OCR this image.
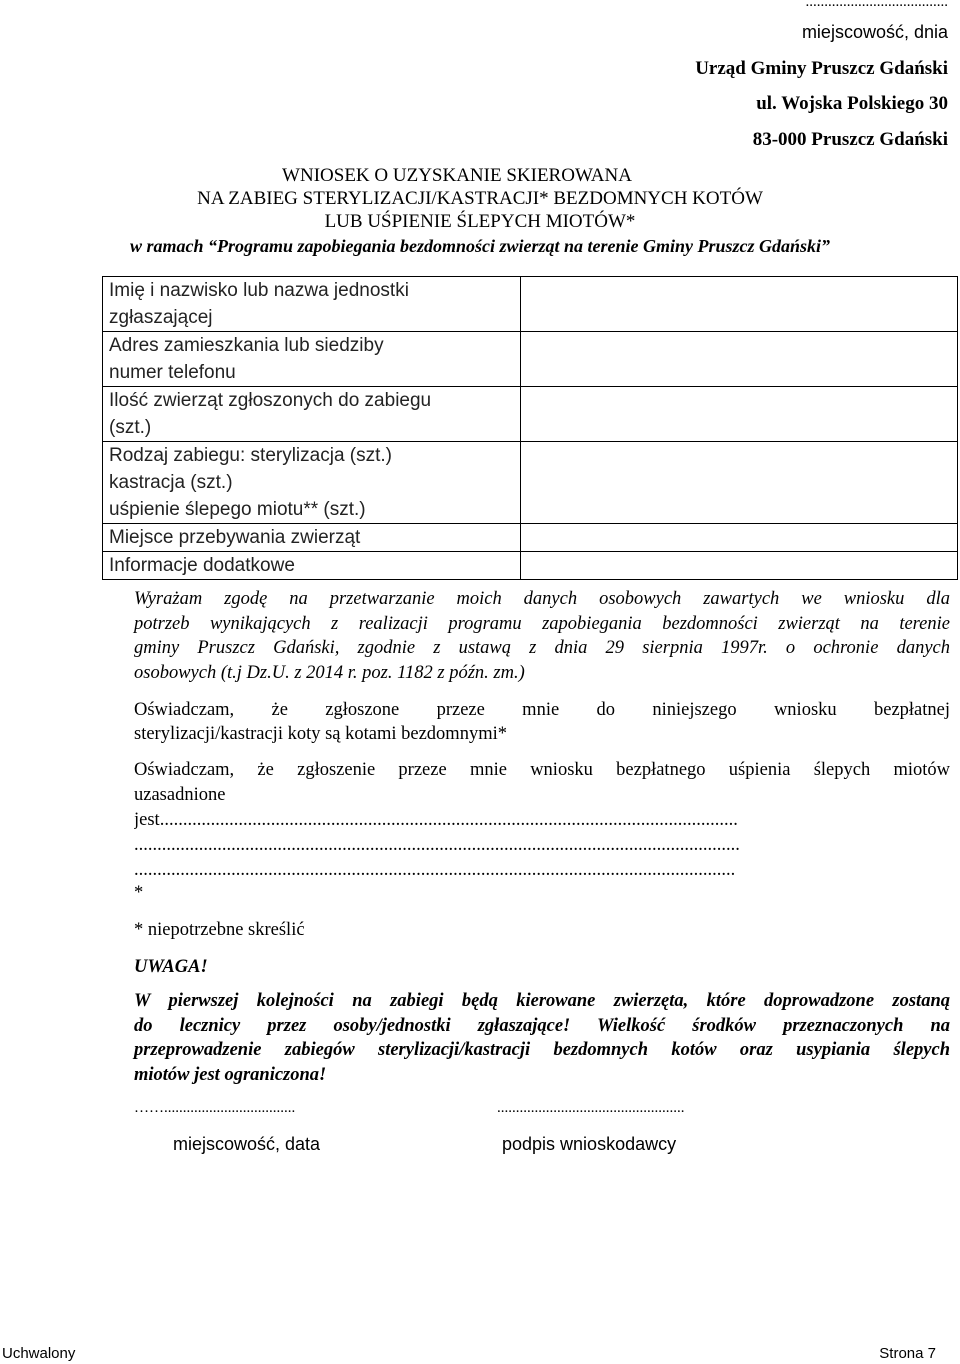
......................................
miejscowość, dnia
Urząd Gminy Pruszcz Gdański
ul. Wojska Polskiego 30
83-000 Pruszcz Gdański
WNIOSEK O UZYSKANIE SKIEROWANA
NA ZABIEG STERYLIZACJI/KASTRACJI* BEZDOMNYCH KOTÓW
LUB UŚPIENIE ŚLEPYCH MIOTÓW*
w ramach “Programu zapobiegania bezdomności zwierząt na terenie Gminy Pruszcz Gdański”
Imię i nazwisko lub nazwa jednostki
zgłaszającej	

Adres zamieszkania lub siedziby
numer telefonu	

Ilość zwierząt zgłoszonych do zabiegu
(szt.)	

Rodzaj zabiegu: sterylizacja (szt.)
kastracja (szt.)
uśpienie ślepego miotu** (szt.)	

Miejsce przebywania zwierząt	

Informacje dodatkowe	

Wyrażam zgodę na przetwarzanie moich danych osobowych zawartych we wniosku dla
potrzeb wynikających z realizacji programu zapobiegania bezdomności zwierząt na terenie
gminy Pruszcz Gdański, zgodnie z ustawą z dnia 29 sierpnia 1997r. o ochronie danych
osobowych (t.j Dz.U. z 2014 r. poz. 1182 z późn. zm.)
Oświadczam, że zgłoszone przeze mnie do niniejszego wniosku bezpłatnej
sterylizacji/kastracji koty są kotami bezdomnymi*
Oświadczam, że zgłoszenie przeze mnie wniosku bezpłatnego uśpienia ślepych miotów
uzasadnione
jest.............................................................................................................................
...................................................................................................................................
..................................................................................................................................
*
* niepotrzebne skreślić
UWAGA!
W pierwszej kolejności na zabiegi będą kierowane zwierzęta, które doprowadzone zostaną
do lecznicy przez osoby/jednostki zgłaszające! Wielkość środków przeznaczonych na
przeprowadzenie zabiegów sterylizacji/kastracji bezdomnych kotów oraz usypiania ślepych
miotów jest ograniczona!
……...................................
miejscowość, data
..................................................
podpis wnioskodawcy
Uchwalony	Strona 7
